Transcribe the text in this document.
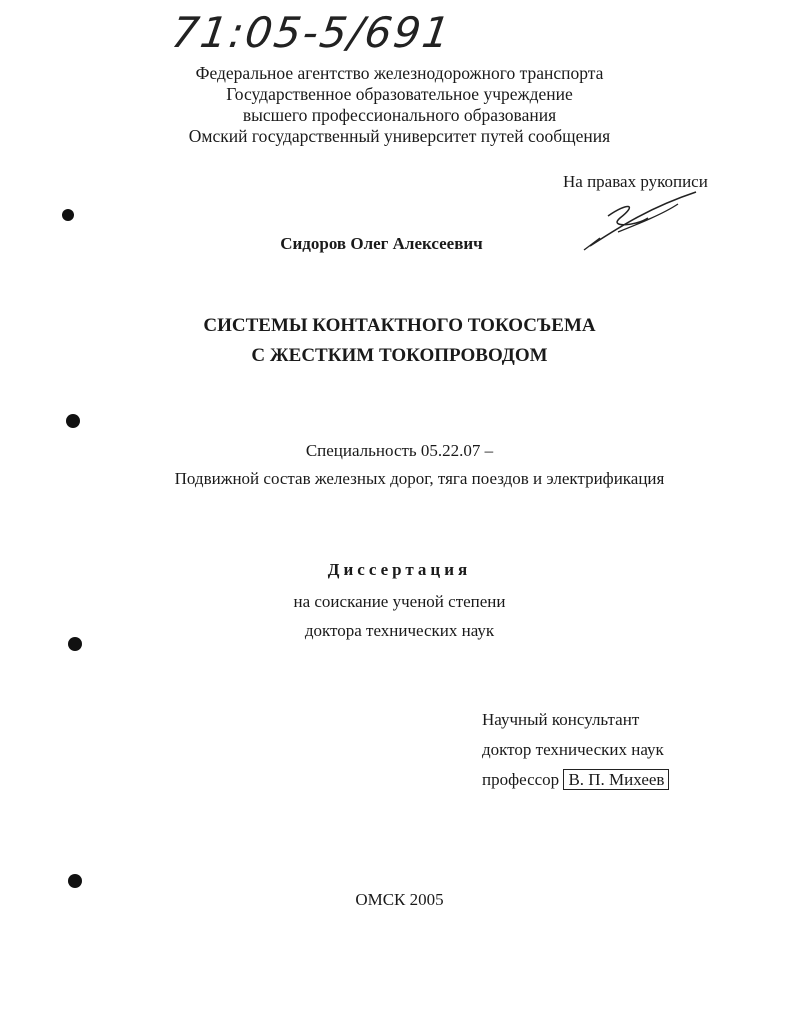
71:05-5/691
Федеральное агентство железнодорожного транспорта
Государственное образовательное учреждение
высшего профессионального образования
Омский государственный университет путей сообщения
На правах рукописи
Сидоров Олег Алексеевич
СИСТЕМЫ КОНТАКТНОГО ТОКОСЪЕМА
С ЖЕСТКИМ ТОКОПРОВОДОМ
Специальность 05.22.07 –
Подвижной состав железных дорог, тяга поездов и электрификация
Диссертация
на соискание ученой степени
доктора технических наук
Научный консультант
доктор технических наук
профессор В. П. Михеев
ОМСК 2005
